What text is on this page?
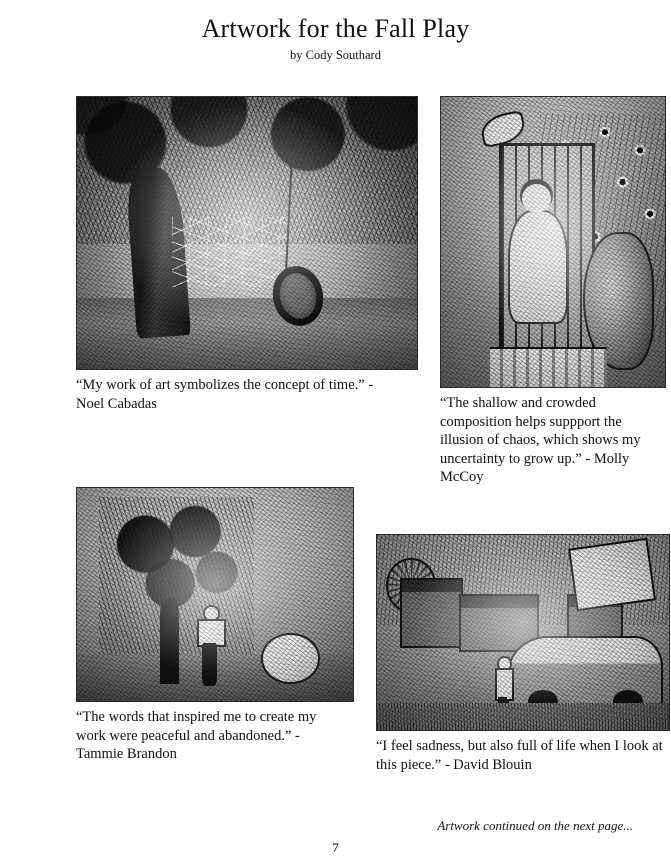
Artwork for the Fall Play
by Cody Southard
“My work of art symbolizes the concept of time.” - Noel Cabadas	“The shallow and crowded composition helps suppport the illusion of chaos, which shows my uncertainty to grow up.” - Molly McCoy
“The words that inspired me to create my work were peaceful and abandoned.” - Tammie Brandon
“I feel sadness, but also full of life when I look at this piece.” - David Blouin
Artwork continued on the next page...
7
